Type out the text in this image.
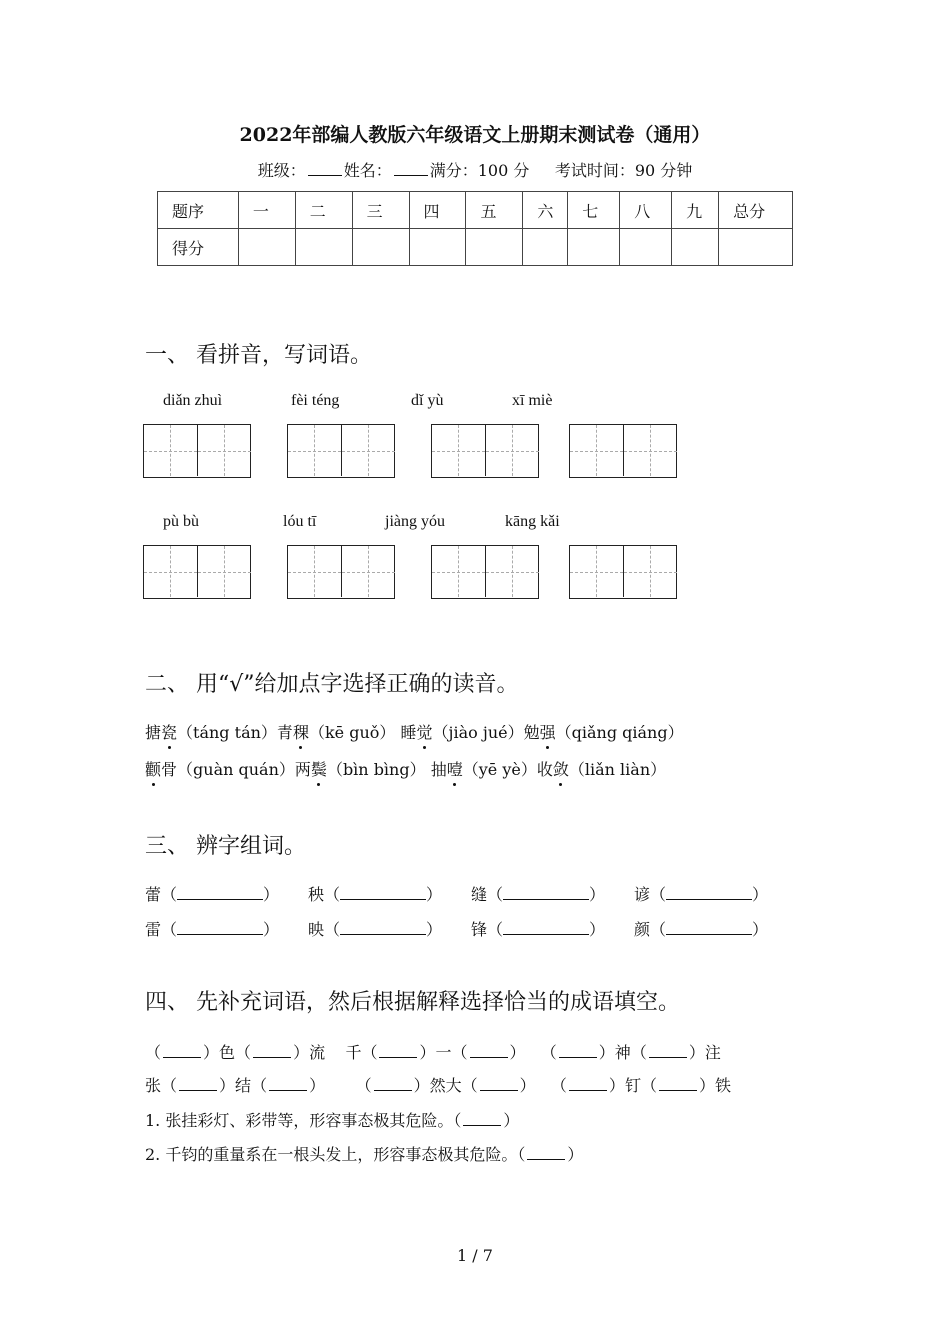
2022年部编人教版六年级语文上册期末测试卷（通用）
班级： 姓名： 满分：100 分 考试时间：90 分钟
题序	一	二	三	四	五	六	七	八	九	总分
得分										
一、 看拼音，写词语。
diǎn zhuì	fèi téng	dǐ yù	xī miè
pù bù	lóu tī	jiàng yóu	kāng kǎi
二、 用“√”给加点字选择正确的读音。
搪瓷（táng tán）青稞（kē guǒ） 睡觉（jiào jué）勉强（qiǎng qiáng）
颧骨（guàn quán）两鬓（bìn bìng） 抽噎（yē yè）收敛（liǎn liàn）
三、 辨字组词。
蕾（	） 秧（	） 缝（	） 谚（	）
雷（	） 映（	） 锋（	） 颜（	）
四、 先补充词语，然后根据解释选择恰当的成语填空。
（	）色（	）流 千（	）一（	）   （	）神（	）注
张（	）结（	）      （	）然大（	）   （	）钉（	）铁
1. 张挂彩灯、彩带等，形容事态极其危险。（	）
2. 千钧的重量系在一根头发上，形容事态极其危险。（	）
1 / 7
